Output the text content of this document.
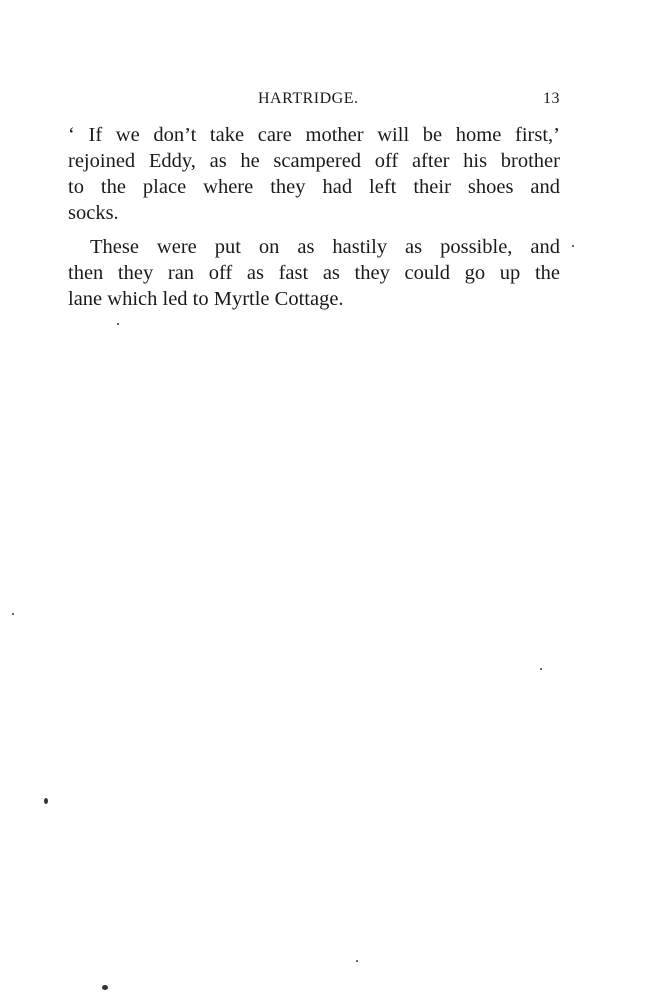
HARTRIDGE.	13
‘ If we don’t take care mother will be home first,’
rejoined Eddy, as he scampered off after his brother
to the place where they had left their shoes and
socks.
These were put on as hastily as possible, and
then they ran off as fast as they could go up the
lane which led to Myrtle Cottage.
